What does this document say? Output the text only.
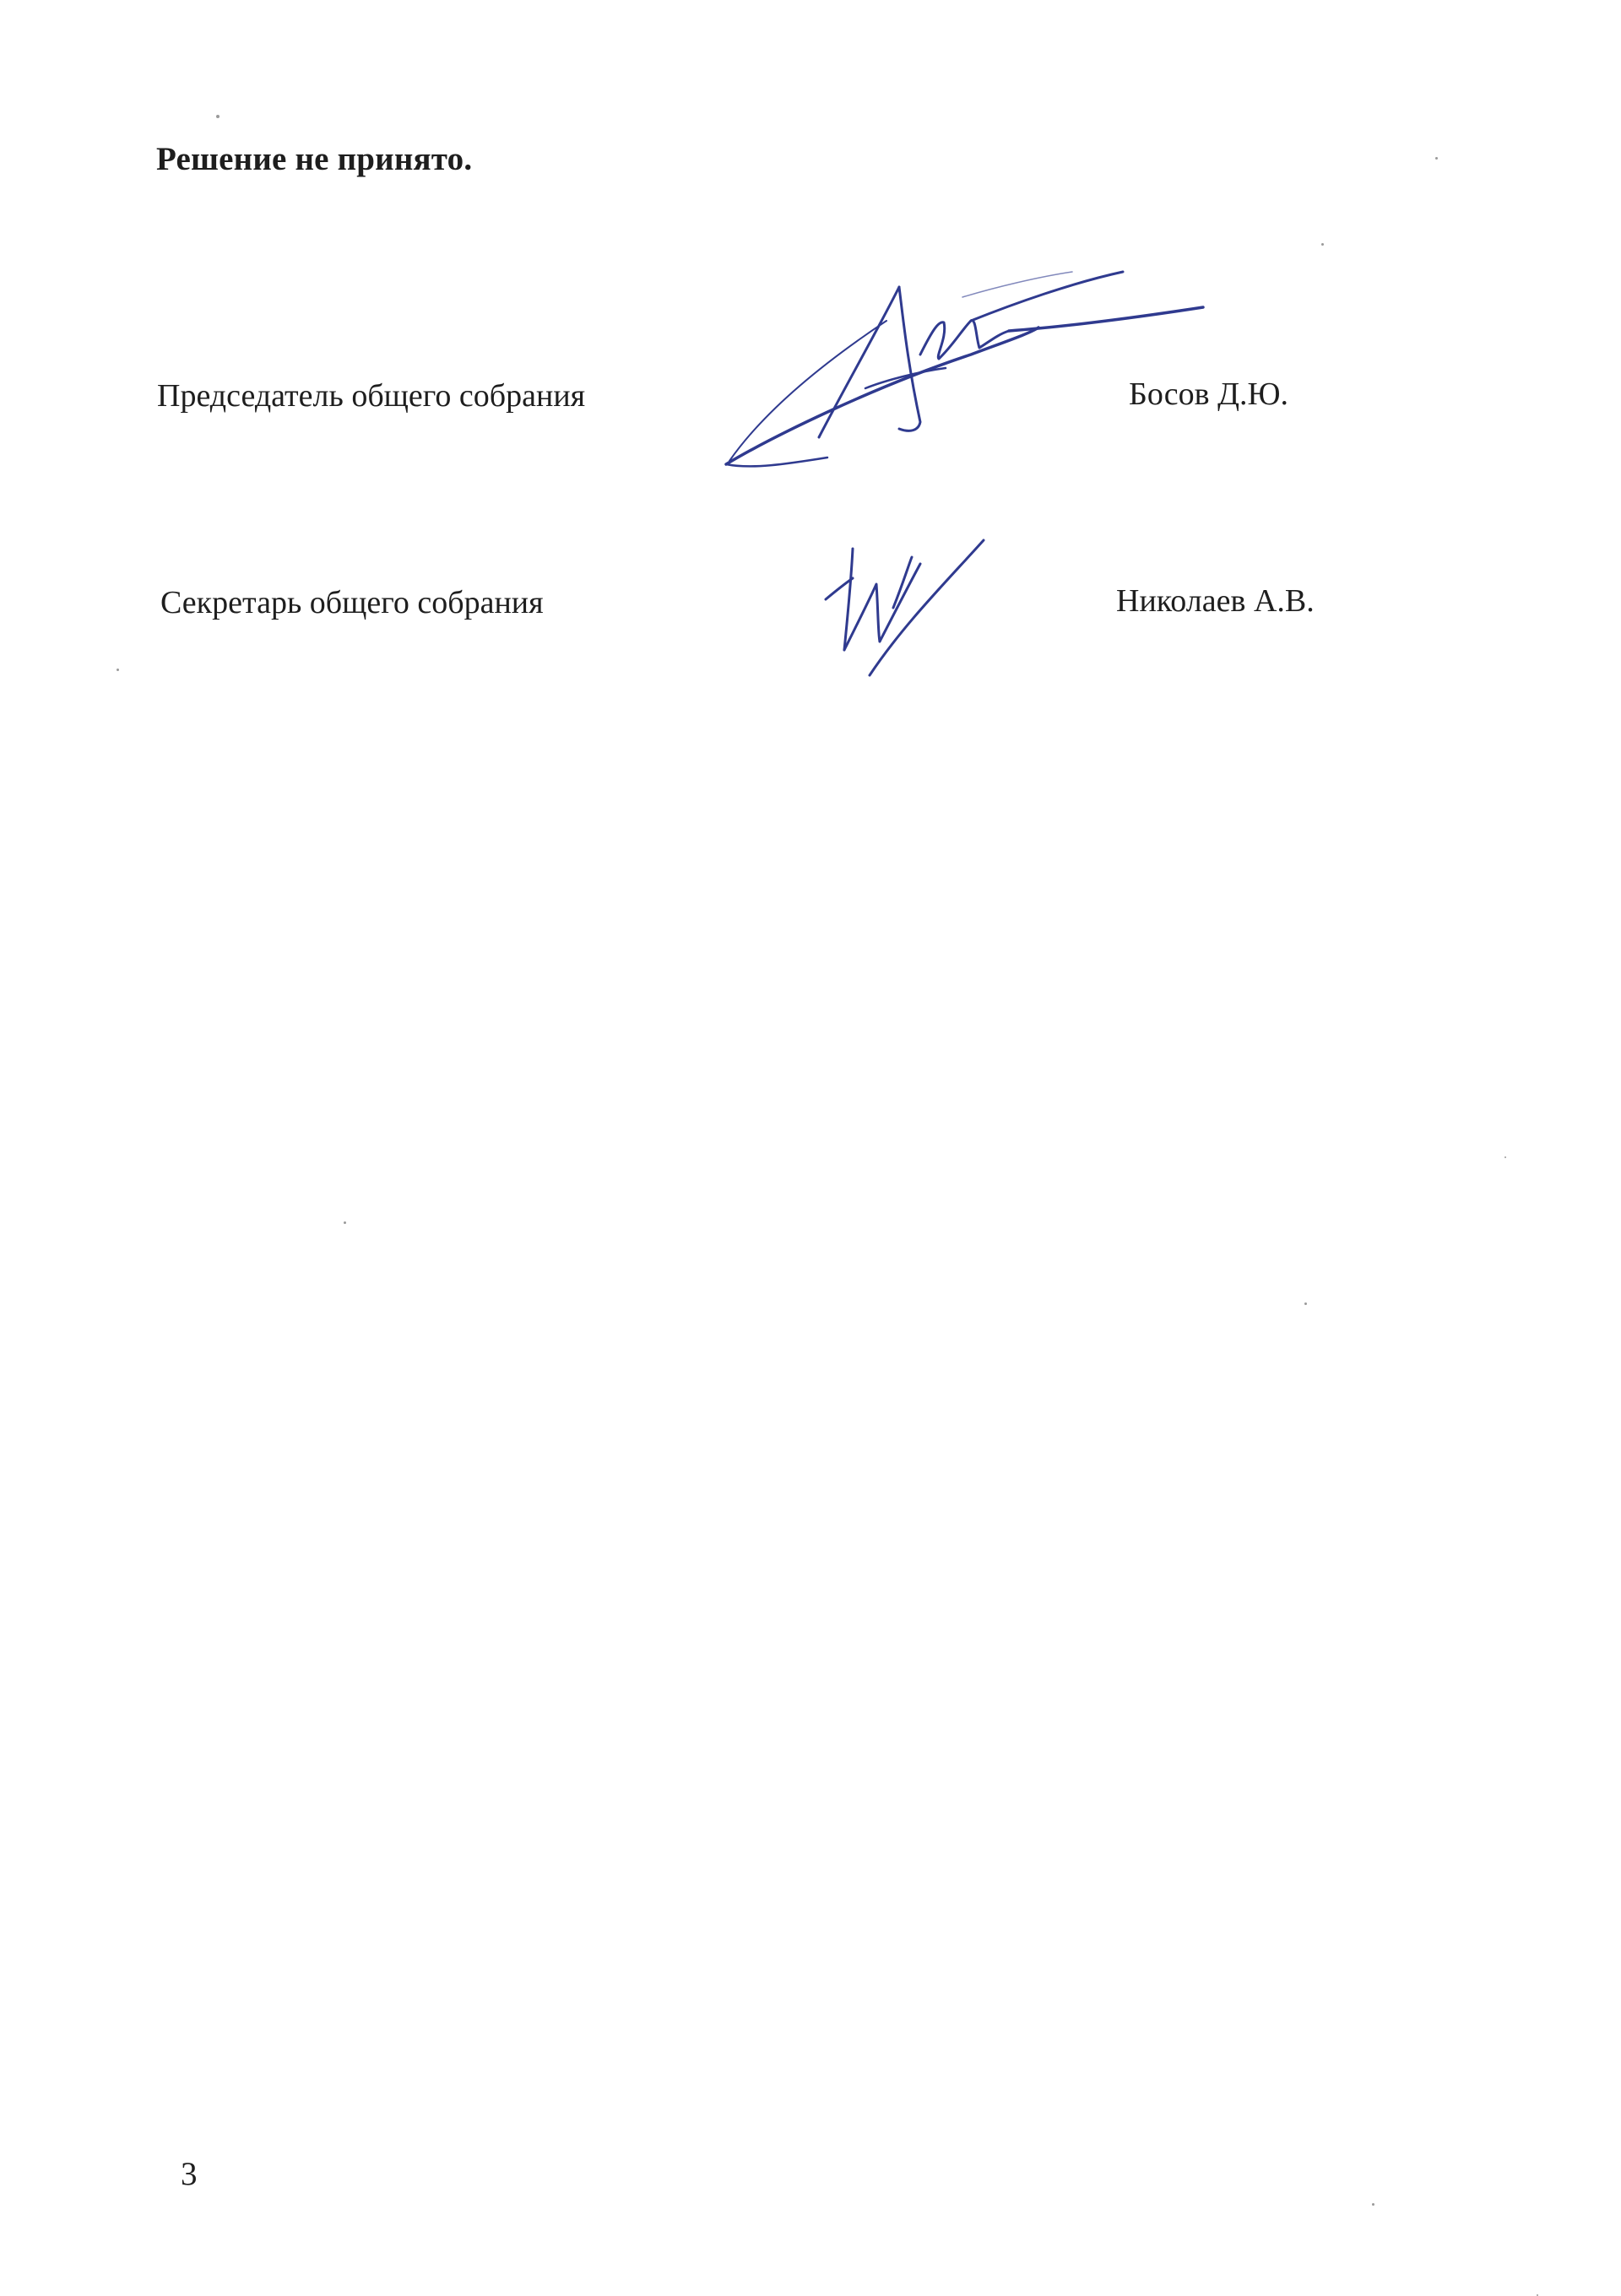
Решение не принято.
Председатель общего собрания	Босов Д.Ю.
Секретарь общего собрания	Николаев А.В.
3
